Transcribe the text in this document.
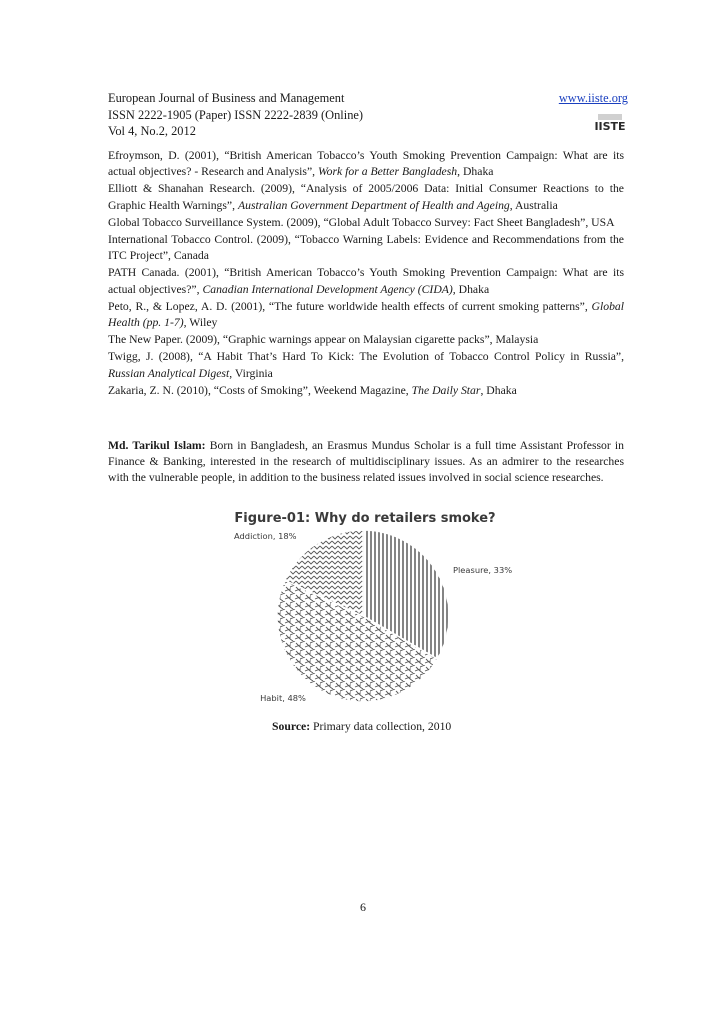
European Journal of Business and Management
ISSN 2222-1905 (Paper) ISSN 2222-2839 (Online)
Vol 4, No.2, 2012
www.iiste.org
IISTE
Efroymson, D. (2001), “British American Tobacco’s Youth Smoking Prevention Campaign: What are its actual objectives? - Research and Analysis”, Work for a Better Bangladesh, Dhaka
Elliott & Shanahan Research. (2009), “Analysis of 2005/2006 Data: Initial Consumer Reactions to the Graphic Health Warnings”, Australian Government Department of Health and Ageing, Australia
Global Tobacco Surveillance System. (2009), “Global Adult Tobacco Survey: Fact Sheet Bangladesh”, USA
International Tobacco Control. (2009), “Tobacco Warning Labels: Evidence and Recommendations from the ITC Project”, Canada
PATH Canada. (2001), “British American Tobacco’s Youth Smoking Prevention Campaign: What are its actual objectives?”, Canadian International Development Agency (CIDA), Dhaka
Peto, R., & Lopez, A. D. (2001), “The future worldwide health effects of current smoking patterns”, Global Health (pp. 1-7), Wiley
The New Paper. (2009), “Graphic warnings appear on Malaysian cigarette packs”, Malaysia
Twigg, J. (2008), “A Habit That’s Hard To Kick: The Evolution of Tobacco Control Policy in Russia”, Russian Analytical Digest, Virginia
Zakaria, Z. N. (2010), “Costs of Smoking”, Weekend Magazine, The Daily Star, Dhaka
Md. Tarikul Islam: Born in Bangladesh, an Erasmus Mundus Scholar is a full time Assistant Professor in Finance & Banking, interested in the research of multidisciplinary issues. As an admirer to the researches with the vulnerable people, in addition to the business related issues involved in social science researches.
Figure-01: Why do retailers smoke?
Pleasure, 33%
Habit, 48%
Addiction, 18%
Source: Primary data collection, 2010
6
